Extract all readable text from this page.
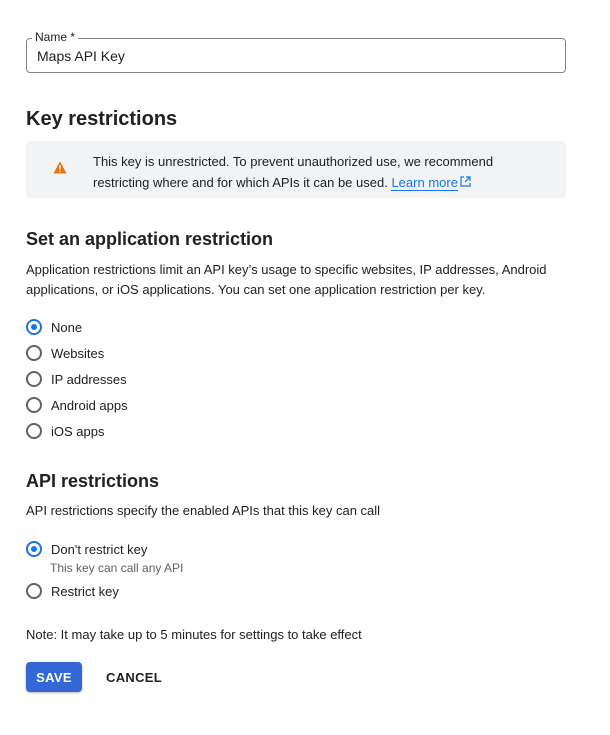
Maps API Key
Name *
Key restrictions
This key is unrestricted. To prevent unauthorized use, we recommend restricting where and for which APIs it can be used. Learn more
Set an application restriction
Application restrictions limit an API key’s usage to specific websites, IP addresses, Android applications, or iOS applications. You can set one application restriction per key.
None
Websites
IP addresses
Android apps
iOS apps
API restrictions
API restrictions specify the enabled APIs that this key can call
Don't restrict key
This key can call any API
Restrict key
Note: It may take up to 5 minutes for settings to take effect
SAVE	CANCEL
